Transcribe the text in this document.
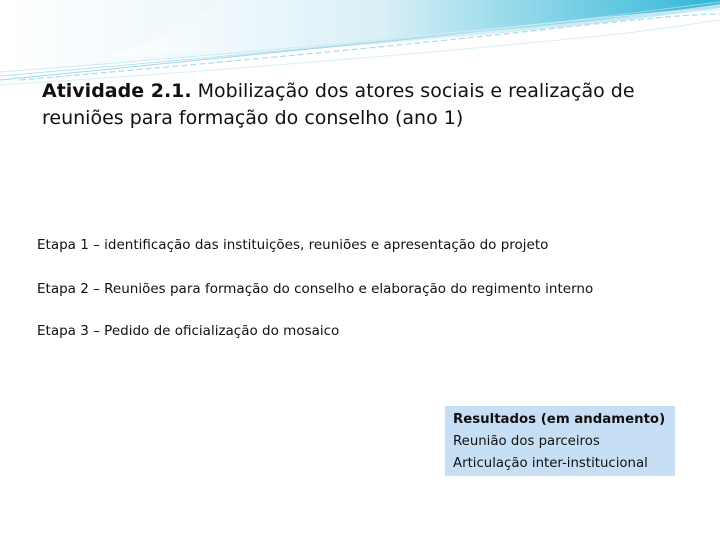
Atividade 2.1. Mobilização dos atores sociais e realização de reuniões para formação do conselho (ano 1)
Etapa 1 – identificação das instituições, reuniões e apresentação do projeto
Etapa 2 – Reuniões para formação do conselho e elaboração do regimento interno
Etapa 3 – Pedido de oficialização do mosaico
Resultados (em andamento)
Reunião dos parceiros
Articulação inter-institucional
